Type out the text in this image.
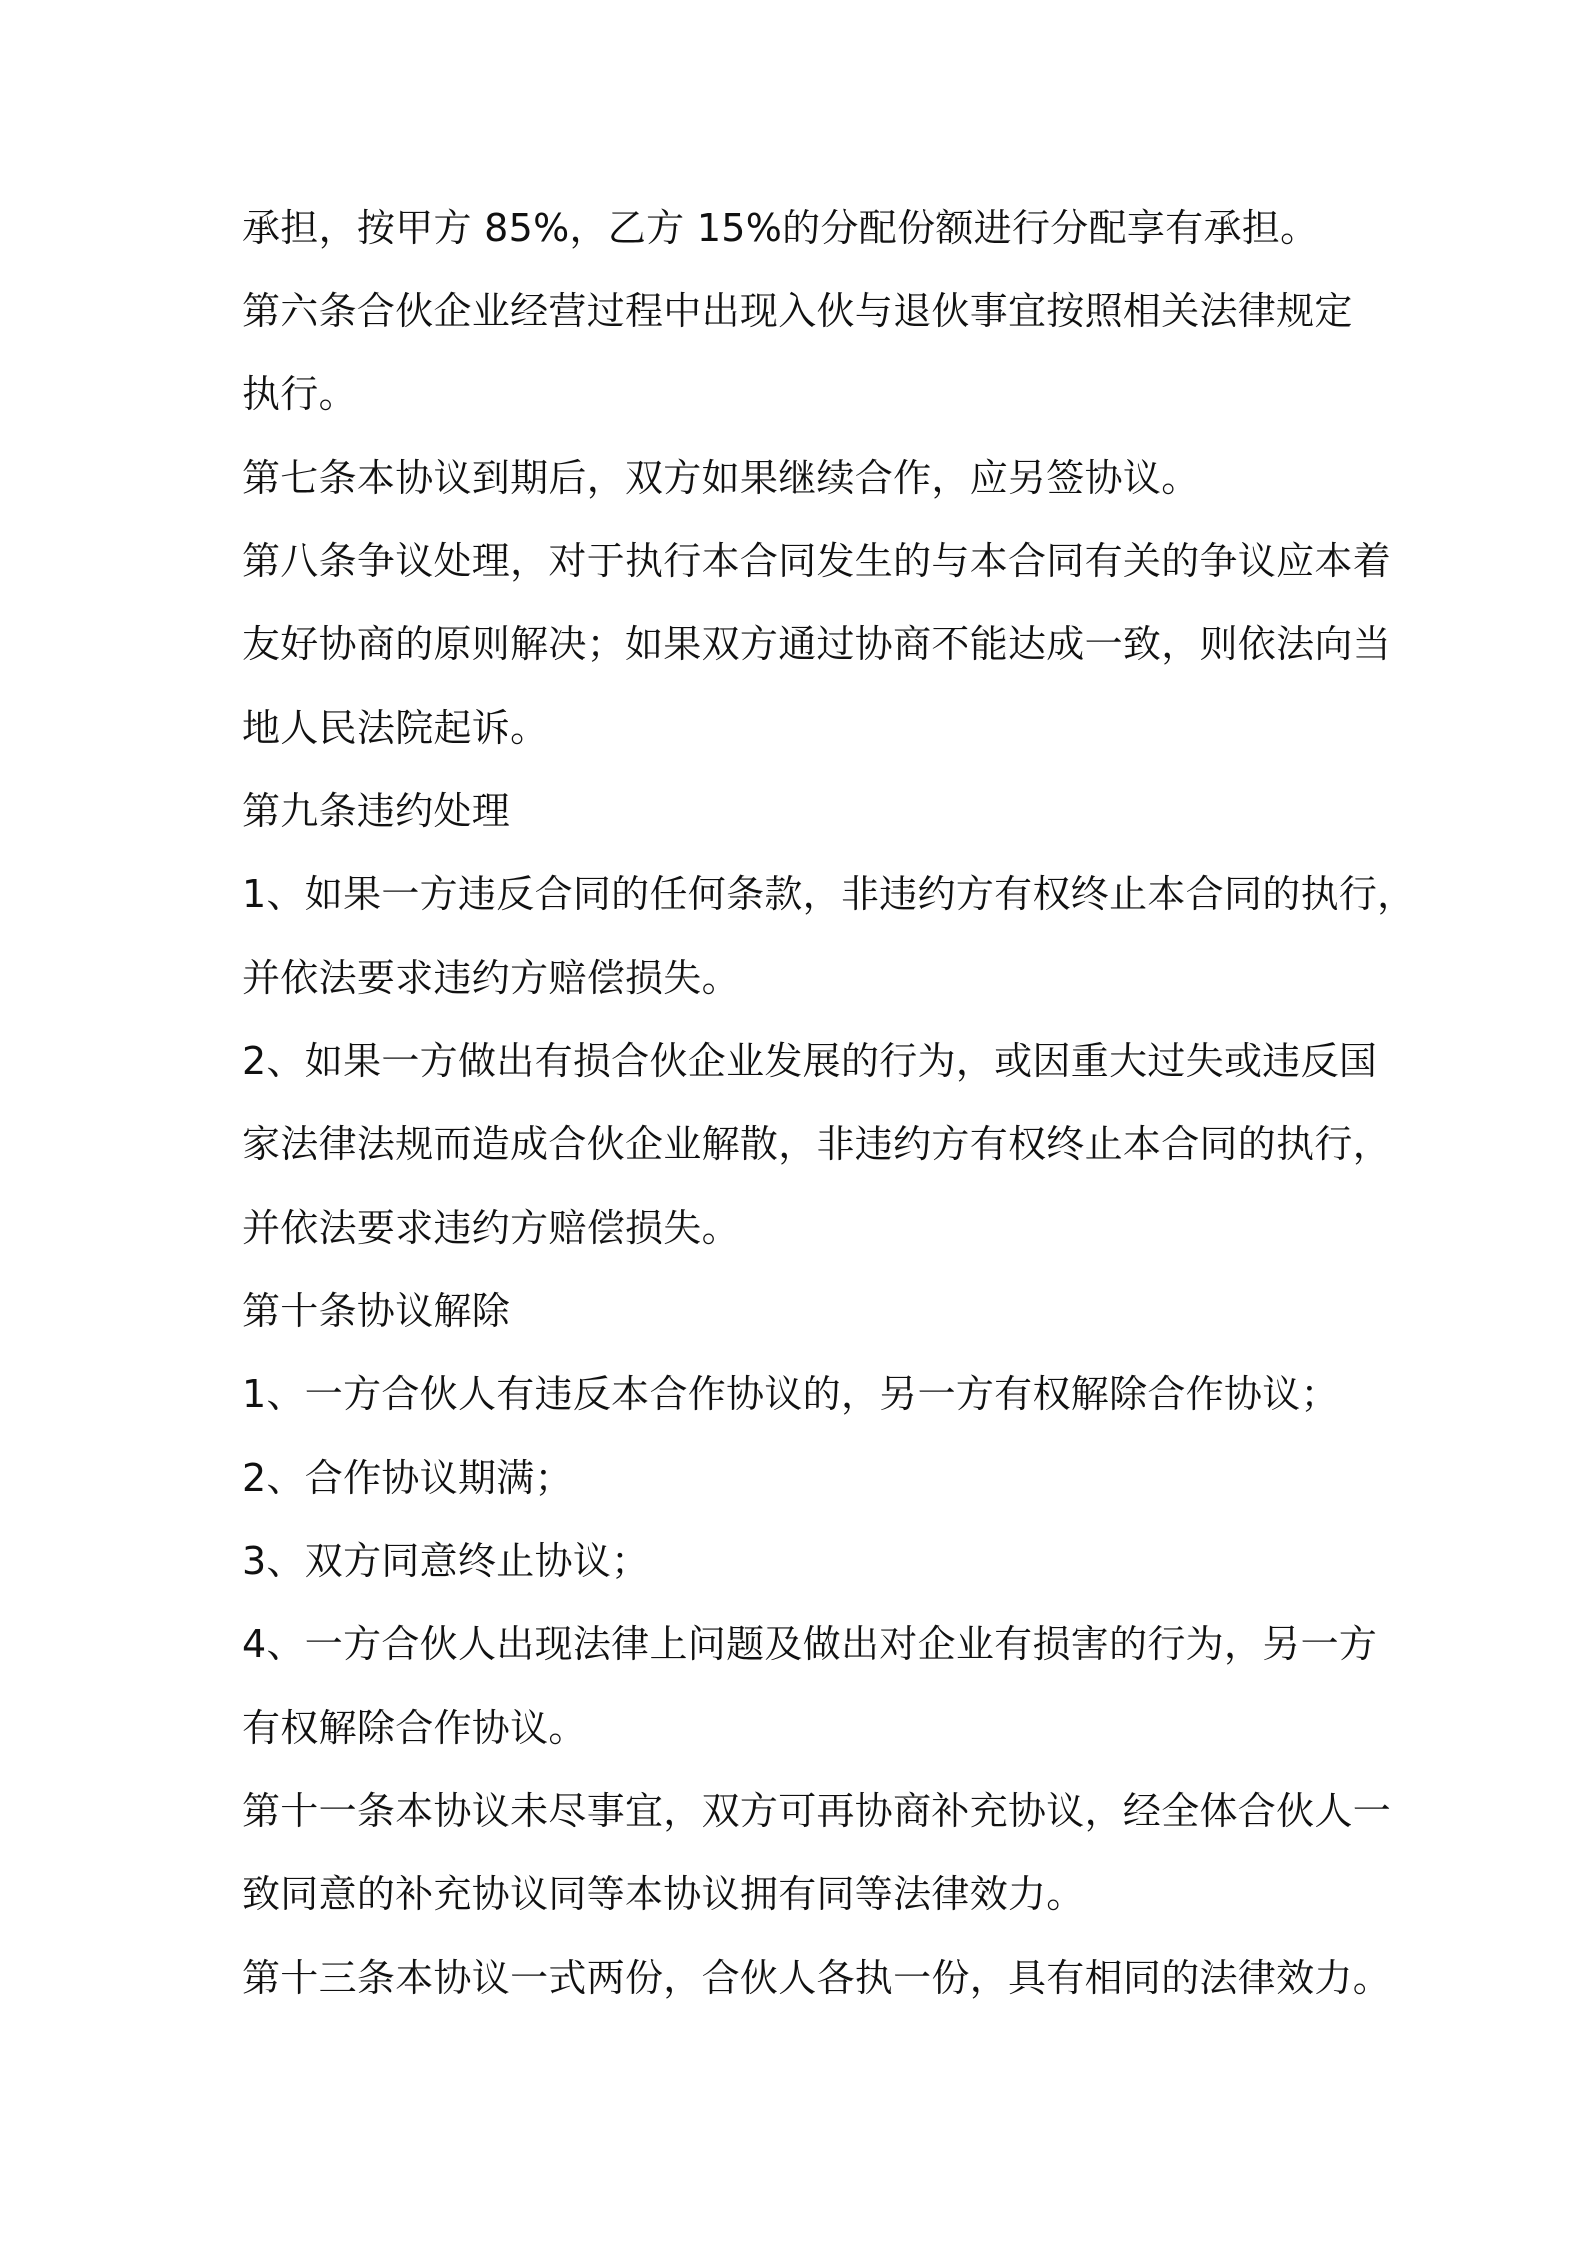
承担，按甲方 85%，乙方 15%的分配份额进行分配享有承担。
第六条合伙企业经营过程中出现入伙与退伙事宜按照相关法律规定
执行。
第七条本协议到期后，双方如果继续合作，应另签协议。
第八条争议处理，对于执行本合同发生的与本合同有关的争议应本着
友好协商的原则解决；如果双方通过协商不能达成一致，则依法向当
地人民法院起诉。
第九条违约处理
1、如果一方违反合同的任何条款，非违约方有权终止本合同的执行，
并依法要求违约方赔偿损失。
2、如果一方做出有损合伙企业发展的行为，或因重大过失或违反国
家法律法规而造成合伙企业解散，非违约方有权终止本合同的执行，
并依法要求违约方赔偿损失。
第十条协议解除
1、一方合伙人有违反本合作协议的，另一方有权解除合作协议；
2、合作协议期满；
3、双方同意终止协议；
4、一方合伙人出现法律上问题及做出对企业有损害的行为，另一方
有权解除合作协议。
第十一条本协议未尽事宜，双方可再协商补充协议，经全体合伙人一
致同意的补充协议同等本协议拥有同等法律效力。
第十三条本协议一式两份，合伙人各执一份，具有相同的法律效力。
